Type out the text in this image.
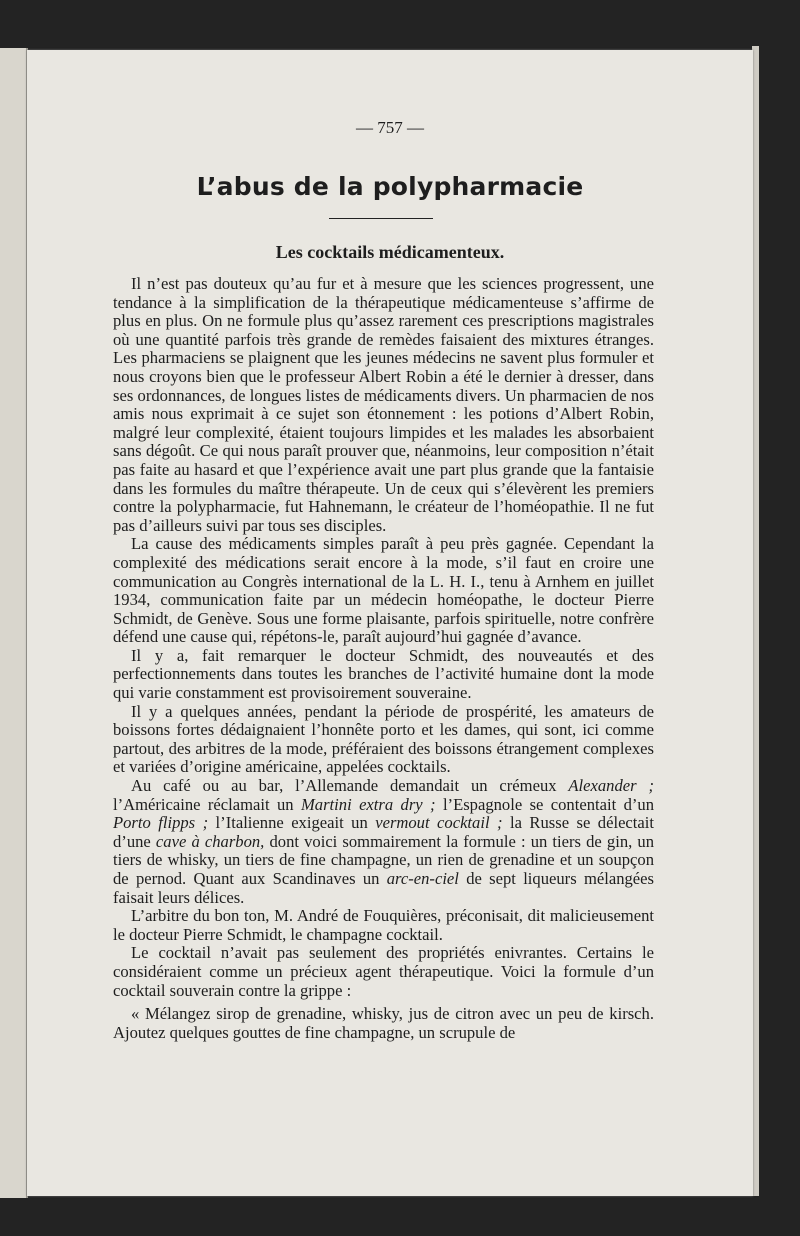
— 757 —
L’abus de la polypharmacie
Les cocktails médicamenteux.

Il n’est pas douteux qu’au fur et à mesure que les sciences progressent, une tendance à la simplification de la thérapeutique médicamenteuse s’affirme de plus en plus. On ne formule plus qu’assez rarement ces prescriptions magistrales où une quantité parfois très grande de remèdes faisaient des mixtures étranges. Les pharmaciens se plaignent que les jeunes médecins ne savent plus formuler et nous croyons bien que le professeur Albert Robin a été le dernier à dresser, dans ses ordonnances, de longues listes de médicaments divers. Un pharmacien de nos amis nous exprimait à ce sujet son étonnement : les potions d’Albert Robin, malgré leur complexité, étaient toujours limpides et les malades les absorbaient sans dégoût. Ce qui nous paraît prouver que, néanmoins, leur composition n’était pas faite au hasard et que l’expérience avait une part plus grande que la fantaisie dans les formules du maître thérapeute. Un de ceux qui s’élevèrent les premiers contre la polypharmacie, fut Hahnemann, le créateur de l’homéopathie. Il ne fut pas d’ailleurs suivi par tous ses disciples.

La cause des médicaments simples paraît à peu près gagnée. Cependant la complexité des médications serait encore à la mode, s’il faut en croire une communication au Congrès international de la L. H. I., tenu à Arnhem en juillet 1934, communication faite par un médecin homéopathe, le docteur Pierre Schmidt, de Genève. Sous une forme plaisante, parfois spirituelle, notre confrère défend une cause qui, répétons-le, paraît aujourd’hui gagnée d’avance.

Il y a, fait remarquer le docteur Schmidt, des nouveautés et des perfectionnements dans toutes les branches de l’activité humaine dont la mode qui varie constamment est provisoirement souveraine.

Il y a quelques années, pendant la période de prospérité, les amateurs de boissons fortes dédaignaient l’honnête porto et les dames, qui sont, ici comme partout, des arbitres de la mode, préféraient des boissons étrangement complexes et variées d’origine américaine, appelées cocktails.

Au café ou au bar, l’Allemande demandait un crémeux Alexander ; l’Américaine réclamait un Martini extra dry ; l’Espagnole se contentait d’un Porto flipps ; l’Italienne exigeait un vermout cocktail ; la Russe se délectait d’une cave à charbon, dont voici sommairement la formule : un tiers de gin, un tiers de whisky, un tiers de fine champagne, un rien de grenadine et un soupçon de pernod. Quant aux Scandinaves un arc-en-ciel de sept liqueurs mélangées faisait leurs délices.

L’arbitre du bon ton, M. André de Fouquières, préconisait, dit malicieusement le docteur Pierre Schmidt, le champagne cocktail.

Le cocktail n’avait pas seulement des propriétés enivrantes. Certains le considéraient comme un précieux agent thérapeutique. Voici la formule d’un cocktail souverain contre la grippe :

« Mélangez sirop de grenadine, whisky, jus de citron avec un peu de kirsch. Ajoutez quelques gouttes de fine champagne, un scrupule de
